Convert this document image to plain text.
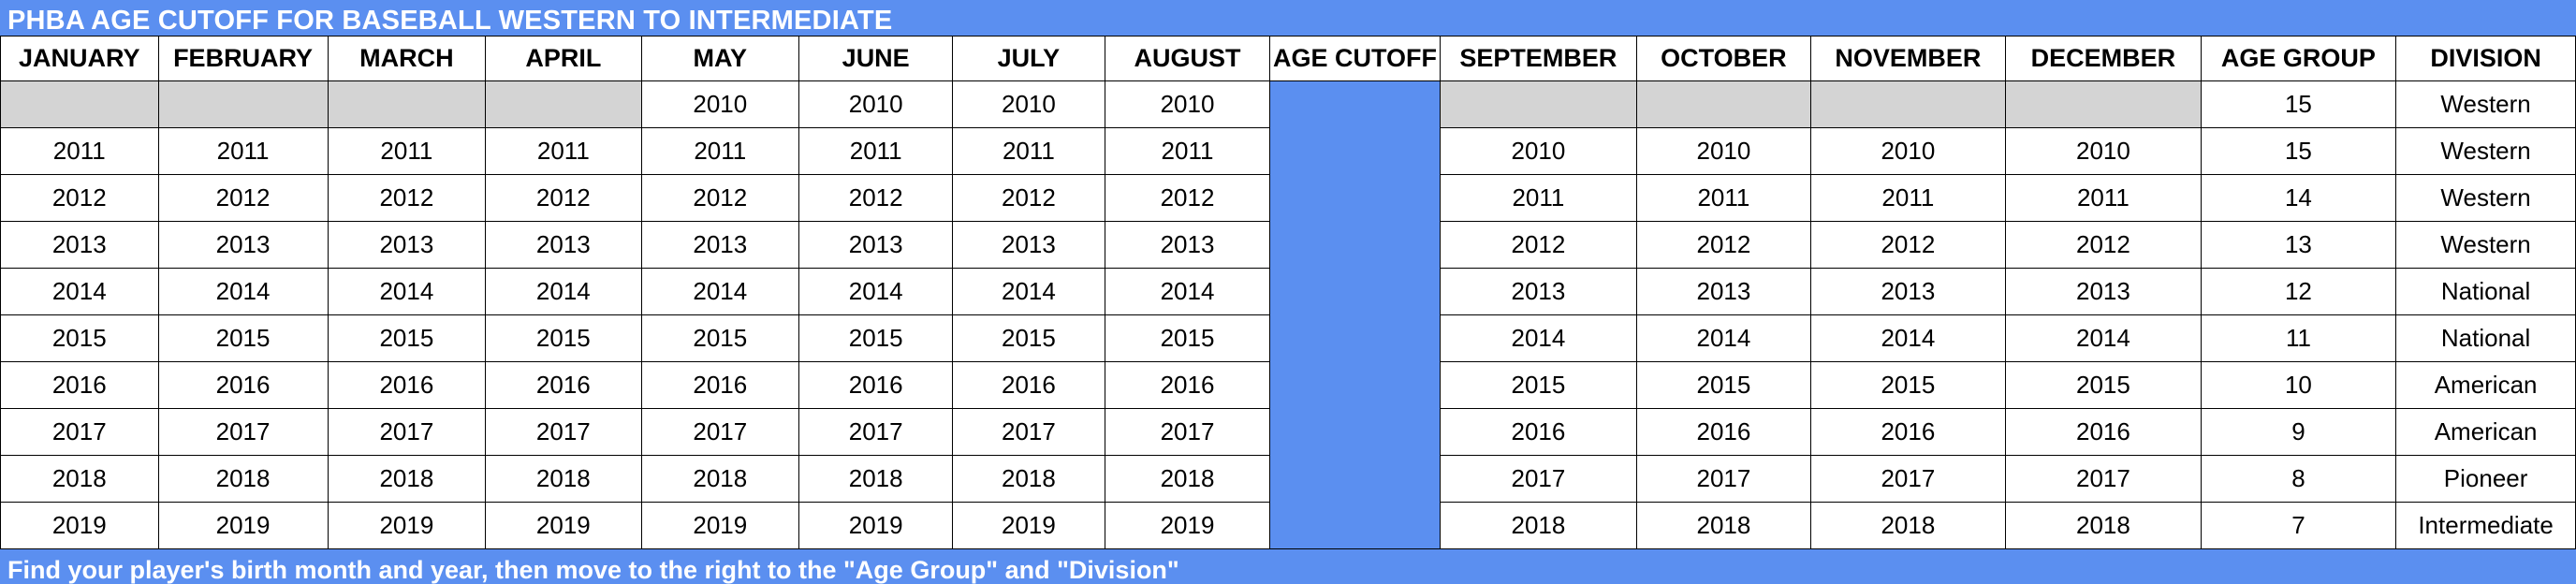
PHBA AGE CUTOFF FOR BASEBALL WESTERN TO INTERMEDIATE
JANUARY	FEBRUARY	MARCH	APRIL	MAY	JUNE	JULY	AUGUST	AGE CUTOFF	SEPTEMBER	OCTOBER	NOVEMBER	DECEMBER	AGE GROUP	DIVISION
				2010	2010	2010	2010						15	Western
2011	2011	2011	2011	2011	2011	2011	2011		2010	2010	2010	2010	15	Western
2012	2012	2012	2012	2012	2012	2012	2012		2011	2011	2011	2011	14	Western
2013	2013	2013	2013	2013	2013	2013	2013		2012	2012	2012	2012	13	Western
2014	2014	2014	2014	2014	2014	2014	2014		2013	2013	2013	2013	12	National
2015	2015	2015	2015	2015	2015	2015	2015		2014	2014	2014	2014	11	National
2016	2016	2016	2016	2016	2016	2016	2016		2015	2015	2015	2015	10	American
2017	2017	2017	2017	2017	2017	2017	2017		2016	2016	2016	2016	9	American
2018	2018	2018	2018	2018	2018	2018	2018		2017	2017	2017	2017	8	Pioneer
2019	2019	2019	2019	2019	2019	2019	2019		2018	2018	2018	2018	7	Intermediate
Find your player's birth month and year, then move to the right to the "Age Group" and "Division"
